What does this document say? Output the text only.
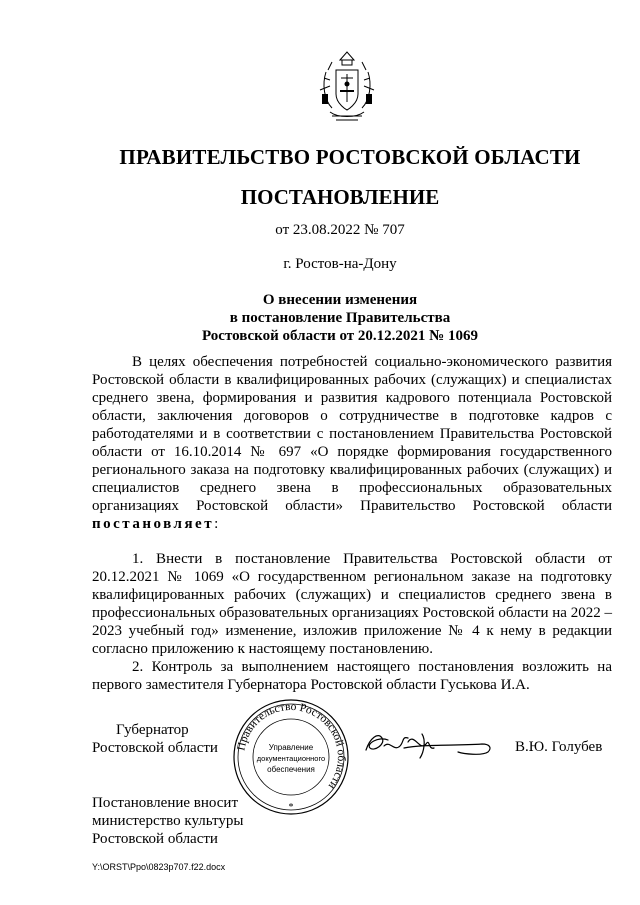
ПРАВИТЕЛЬСТВО РОСТОВСКОЙ ОБЛАСТИ
ПОСТАНОВЛЕНИЕ
от 23.08.2022 № 707
г. Ростов-на-Дону
О внесении изменения
в постановление Правительства
Ростовской области от 20.12.2021 № 1069
В целях обеспечения потребностей социально-экономического развития Ростовской области в квалифицированных рабочих (служащих) и специалистах среднего звена, формирования и развития кадрового потенциала Ростовской области, заключения договоров о сотрудничестве в подготовке кадров с работодателями и в соответствии с постановлением Правительства Ростовской области от 16.10.2014 № 697 «О порядке формирования государственного регионального заказа на подготовку квалифицированных рабочих (служащих) и специалистов среднего звена в профессиональных образовательных организациях Ростовской области» Правительство Ростовской области постановляет:
1. Внести в постановление Правительства Ростовской области от 20.12.2021 № 1069 «О государственном региональном заказе на подготовку квалифицированных рабочих (служащих) и специалистов среднего звена в профессиональных образовательных организациях Ростовской области на 2022 – 2023 учебный год» изменение, изложив приложение № 4 к нему в редакции согласно приложению к настоящему постановлению.
2. Контроль за выполнением настоящего постановления возложить на первого заместителя Губернатора Ростовской области Гуськова И.А.
Губернатор
Ростовской области Правительство Ростовской области
Управление
документационного
обеспечения
*
В.Ю. Голубев
Постановление вносит
министерство культуры
Ростовской области
Y:\ORST\Ppo\0823p707.f22.docx
